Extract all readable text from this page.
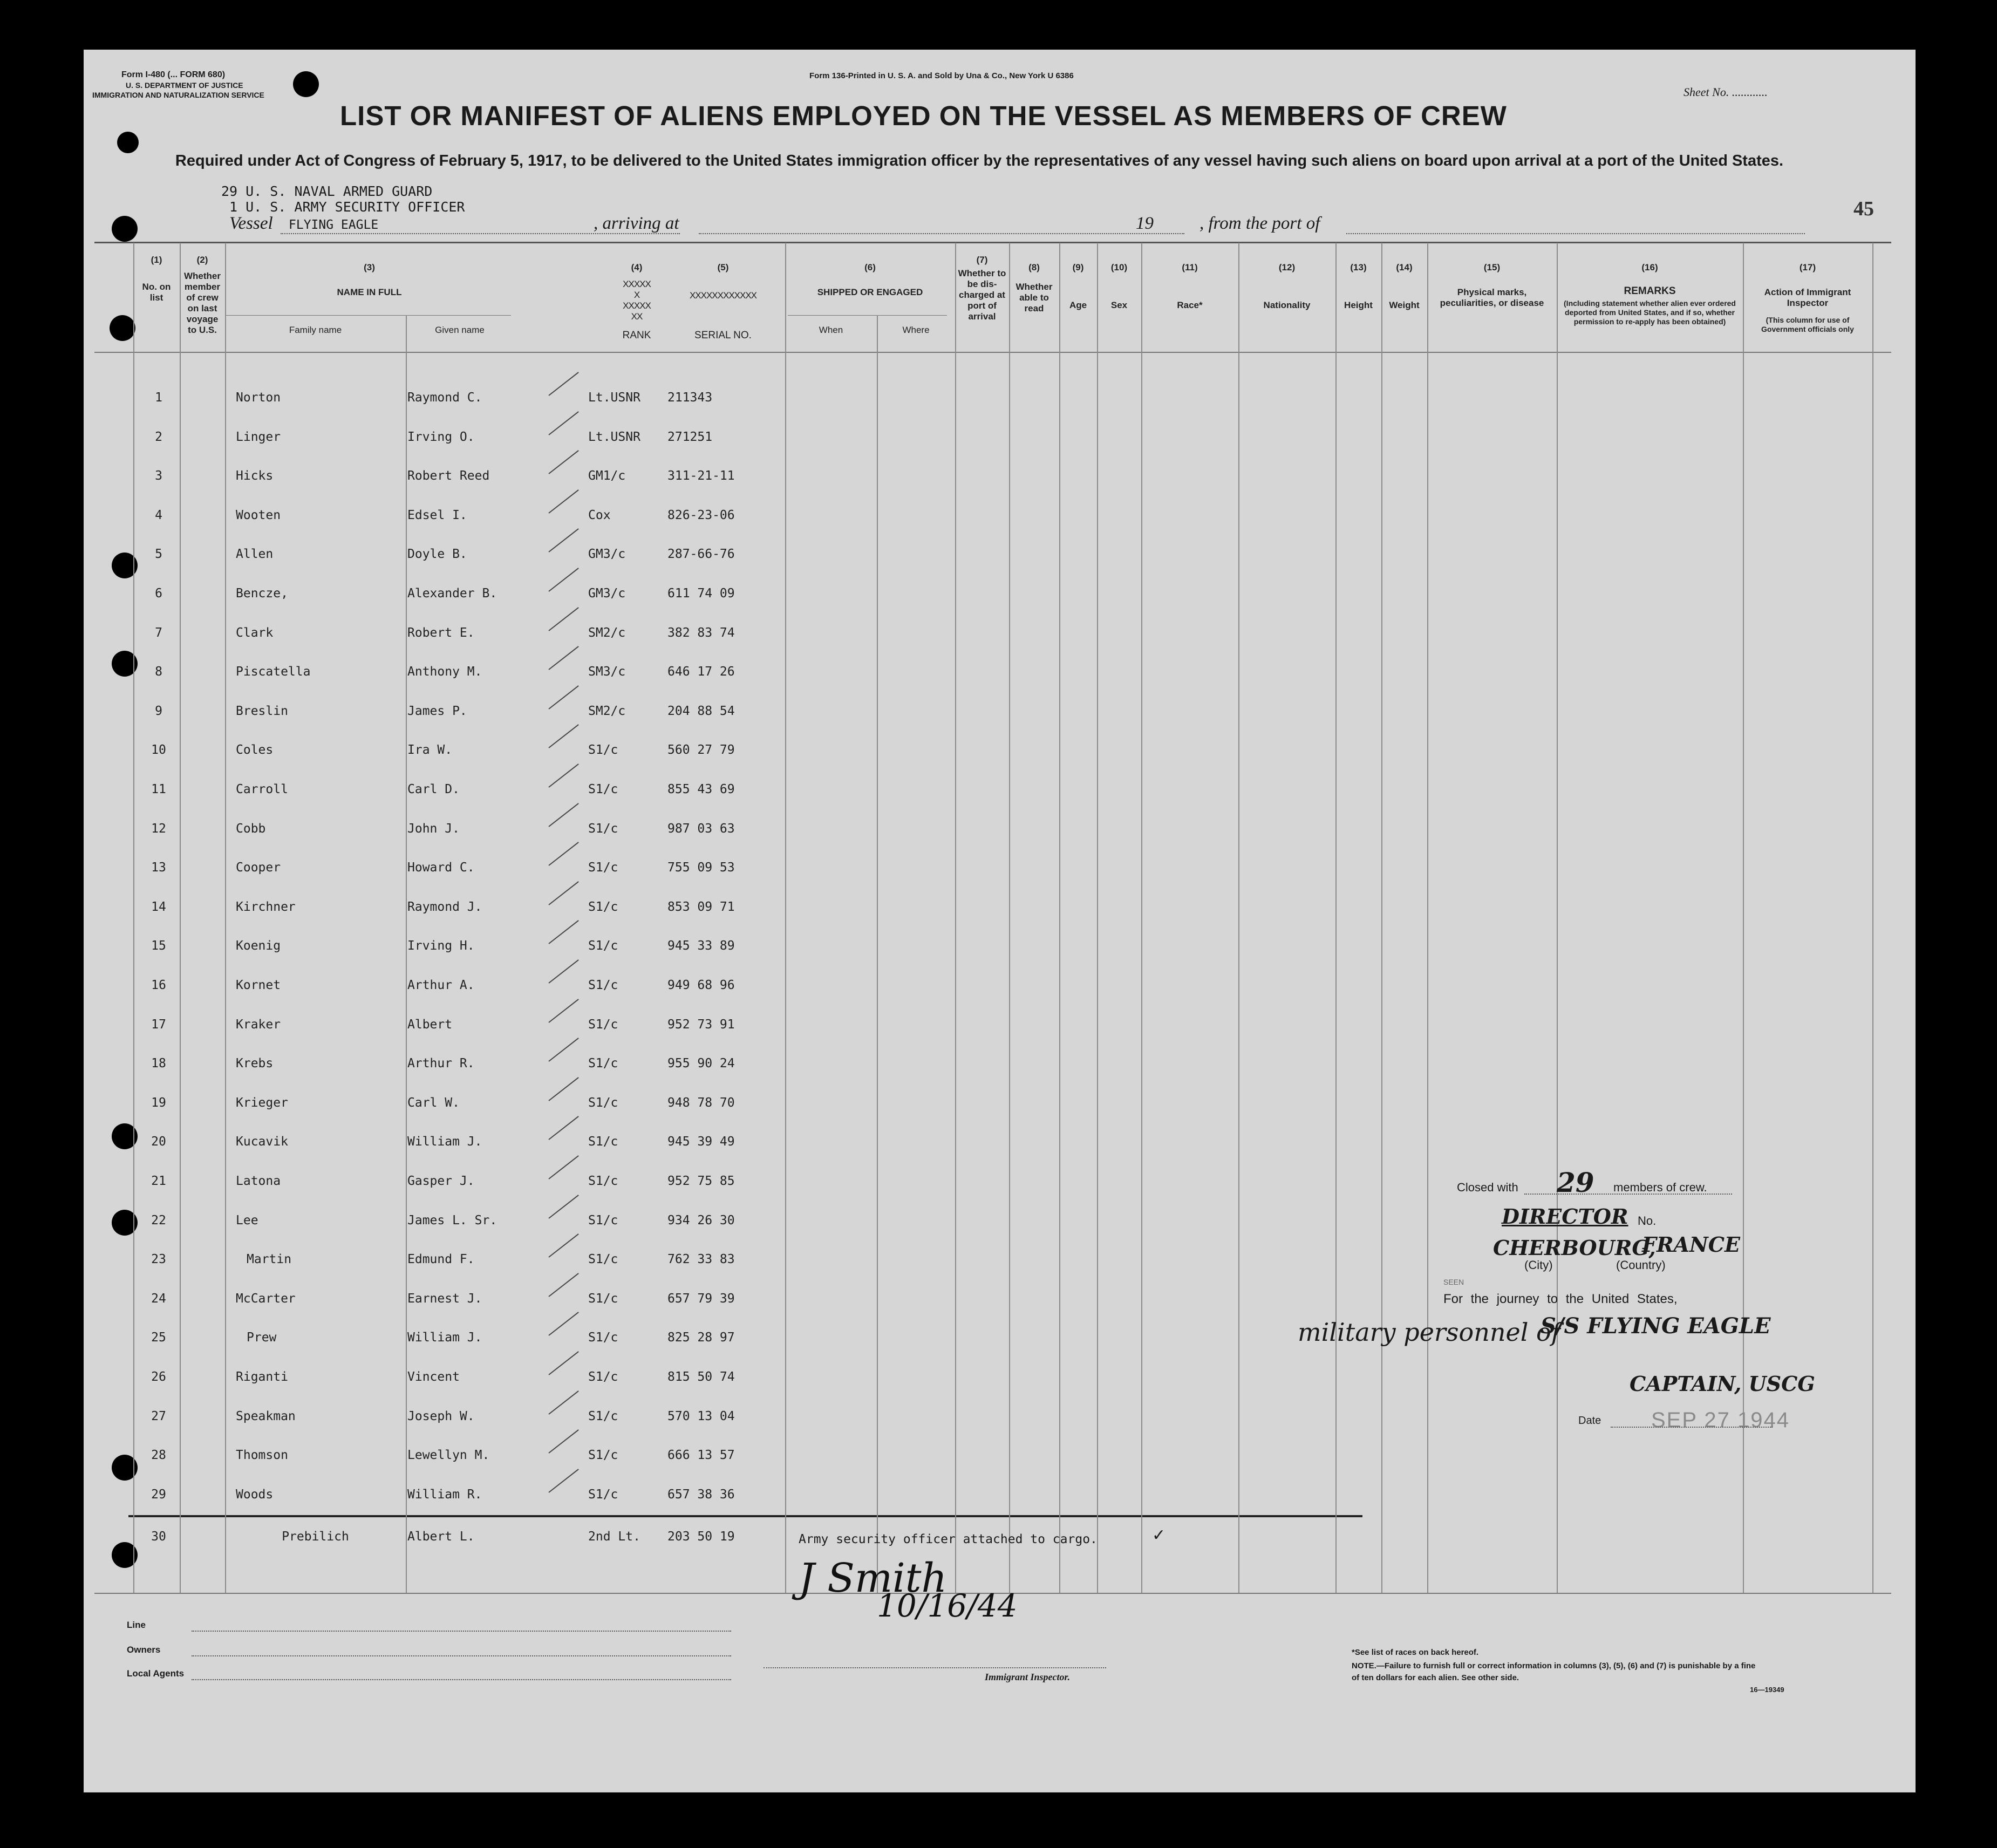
Form I-480 (... FORM 680)
U. S. DEPARTMENT OF JUSTICE
IMMIGRATION AND NATURALIZATION SERVICE
Form 136-Printed in U. S. A. and Sold by Una & Co., New York U 6386
Sheet No. ............
LIST OR MANIFEST OF ALIENS EMPLOYED ON THE VESSEL AS MEMBERS OF CREW
Required under Act of Congress of February 5, 1917, to be delivered to the United States immigration officer by the representatives of any vessel having such aliens on board upon arrival at a port of the United States.
45
29 U. S. NAVAL ARMED GUARD
1 U. S. ARMY SECURITY OFFICER
Vessel FLYING EAGLE	, arriving at	19	, from the port of
(1)
No. on list
(2)
Whether member of crew on last voyage to U.S.
(3)
NAME IN FULL
Family name	Given name
(4)
XXXXX
X
XXXXX
XX
RANK
(5)
XXXXXXXXXXXX
SERIAL NO.
(6)
SHIPPED OR ENGAGED
When	Where
(7)
Whether to be dis-charged at port of arrival
(8)
Whether able to read
(9)
Age
(10)
Sex
(11)
Race*
(12)
Nationality
(13)
Height
(14)
Weight
(15)
Physical marks, peculiarities, or disease
(16)
REMARKS
(Including statement whether alien ever ordered deported from United States, and if so, whether permission to re-apply has been obtained)
(17)
Action of Immigrant Inspector
(This column for use of Government officials only
1	Norton	Raymond C.	Lt.USNR	211343
2	Linger	Irving O.	Lt.USNR	271251
3	Hicks	Robert Reed	GM1/c	311-21-11
4	Wooten	Edsel I.	Cox	826-23-06
5	Allen	Doyle B.	GM3/c	287-66-76
6	Bencze,	Alexander B.	GM3/c	611 74 09
7	Clark	Robert E.	SM2/c	382 83 74
8	Piscatella	Anthony M.	SM3/c	646 17 26
9	Breslin	James P.	SM2/c	204 88 54
10	Coles	Ira W.	S1/c	560 27 79
11	Carroll	Carl D.	S1/c	855 43 69
12	Cobb	John J.	S1/c	987 03 63
13	Cooper	Howard C.	S1/c	755 09 53
14	Kirchner	Raymond J.	S1/c	853 09 71
15	Koenig	Irving H.	S1/c	945 33 89
16	Kornet	Arthur A.	S1/c	949 68 96
17	Kraker	Albert	S1/c	952 73 91
18	Krebs	Arthur R.	S1/c	955 90 24
19	Krieger	Carl W.	S1/c	948 78 70
20	Kucavik	William J.	S1/c	945 39 49
21	Latona	Gasper J.	S1/c	952 75 85
22	Lee	James L. Sr.	S1/c	934 26 30
23	Martin	Edmund F.	S1/c	762 33 83
24	McCarter	Earnest J.	S1/c	657 79 39
25	Prew	William J.	S1/c	825 28 97
26	Riganti	Vincent	S1/c	815 50 74
27	Speakman	Joseph W.	S1/c	570 13 04
28	Thomson	Lewellyn M.	S1/c	666 13 57
29	Woods	William R.	S1/c	657 38 36
30	Prebilich	Albert L.	2nd Lt.	203 50 19	Army security officer attached to cargo.	✓
J Smith
10/16/44
Closed with 29 members of crew.
DIRECTOR No.
CHERBOURG,
FRANCE
(City)	(Country)
SEEN
For the journey to the United States,
military personnel of
S/S FLYING EAGLE
CAPTAIN, USCG
Date SEP 27 1944
Line
Owners
Local Agents	Immigrant Inspector.
*See list of races on back hereof.
NOTE.—Failure to furnish full or correct information in columns (3), (5), (6) and (7) is punishable by a fine of ten dollars for each alien. See other side.
16—19349
